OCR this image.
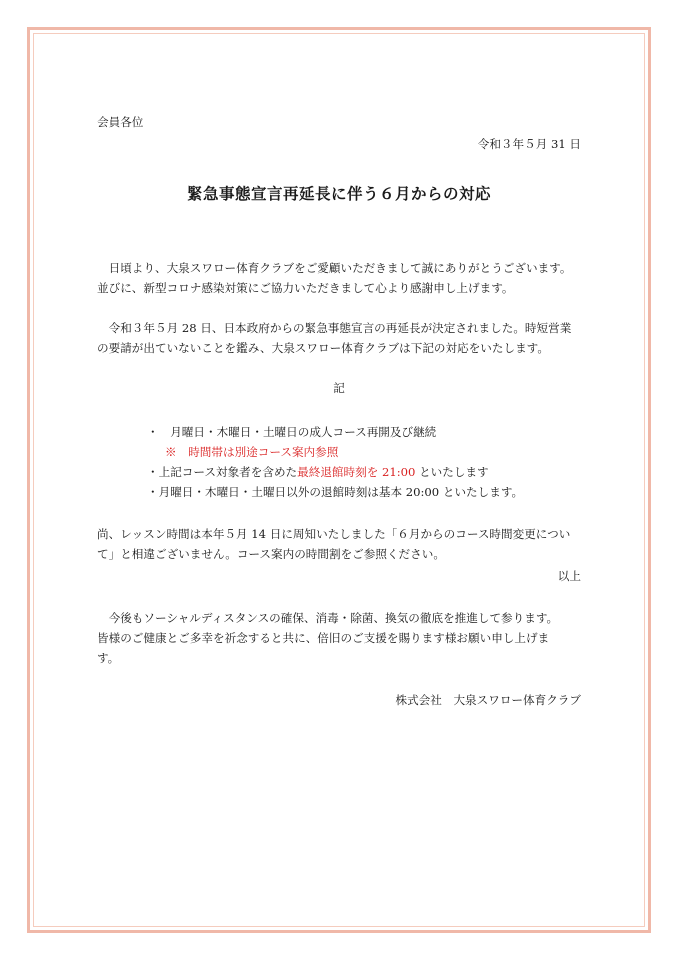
会員各位
令和３年５月 31 日
緊急事態宣言再延長に伴う６月からの対応
　日頃より、大泉スワロー体育クラブをご愛顧いただきまして誠にありがとうございます。
並びに、新型コロナ感染対策にご協力いただきまして心より感謝申し上げます。
　令和３年５月 28 日、日本政府からの緊急事態宣言の再延長が決定されました。時短営業
の要請が出ていないことを鑑み、大泉スワロー体育クラブは下記の対応をいたします。
記
・　月曜日・木曜日・土曜日の成人コース再開及び継続
※　時間帯は別途コース案内参照
・上記コース対象者を含めた最終退館時刻を 21:00 といたします
・月曜日・木曜日・土曜日以外の退館時刻は基本 20:00 といたします。
尚、レッスン時間は本年５月 14 日に周知いたしました「６月からのコース時間変更につい
て」と相違ございません。コース案内の時間割をご参照ください。
以上
　今後もソーシャルディスタンスの確保、消毒・除菌、換気の徹底を推進して参ります。
皆様のご健康とご多幸を祈念すると共に、倍旧のご支援を賜ります様お願い申し上げま
す。
株式会社　大泉スワロー体育クラブ
